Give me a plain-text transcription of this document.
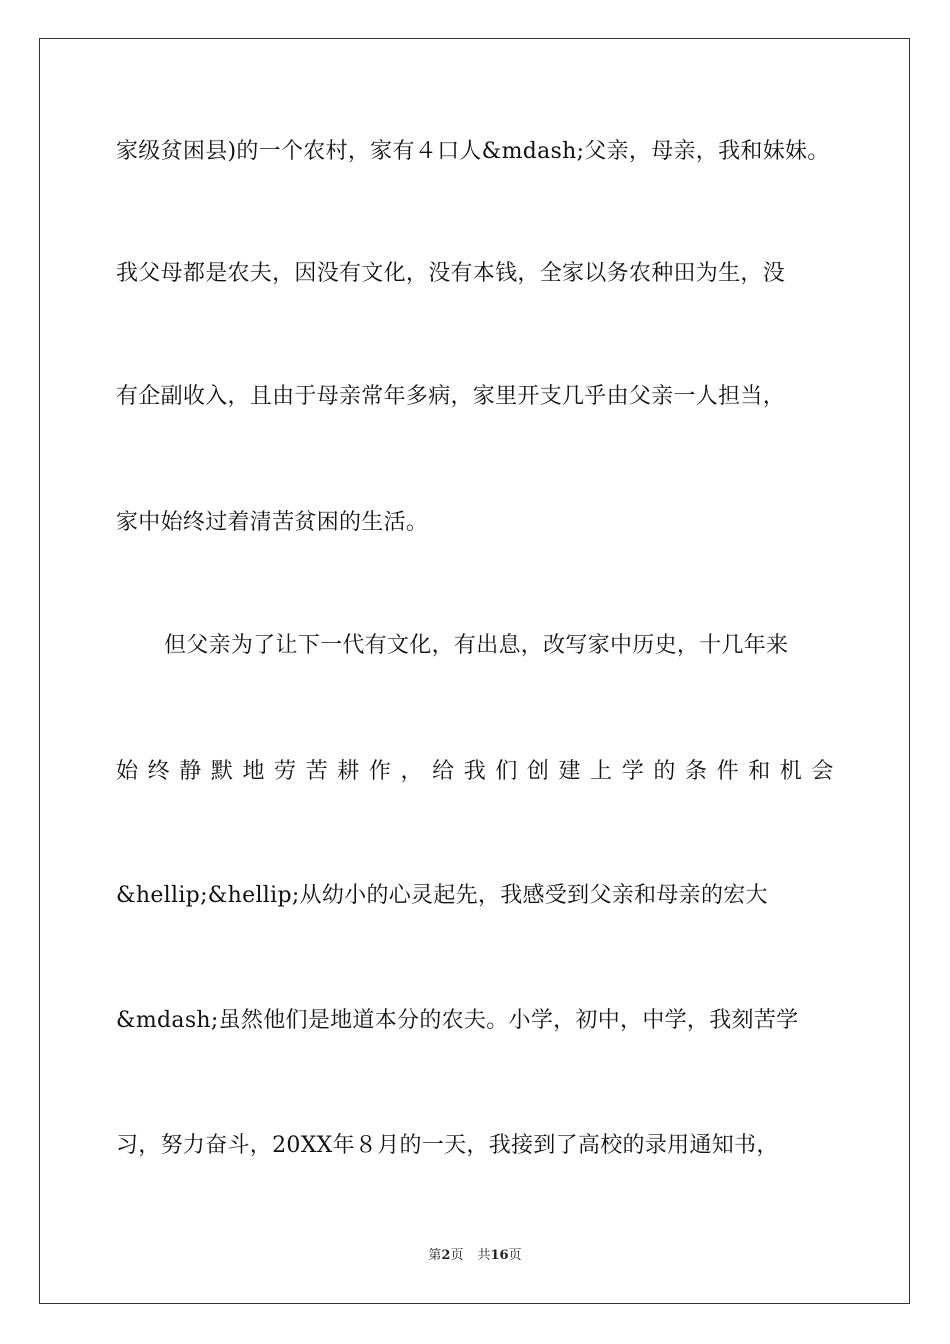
家级贫困县)的一个农村，家有４口人&mdash;父亲，母亲，我和妹妹。
我父母都是农夫，因没有文化，没有本钱，全家以务农种田为生，没
有企副收入，且由于母亲常年多病，家里开支几乎由父亲一人担当，
家中始终过着清苦贫困的生活。
但父亲为了让下一代有文化，有出息，改写家中历史，十几年来
始 终 静 默 地 劳 苦 耕 作 ， 给 我 们 创 建 上 学 的 条 件 和 机 会
&hellip;&hellip;从幼小的心灵起先，我感受到父亲和母亲的宏大
&mdash;虽然他们是地道本分的农夫。小学，初中，中学，我刻苦学
习，努力奋斗，20XX年８月的一天，我接到了高校的录用通知书，
第2页 共16页
